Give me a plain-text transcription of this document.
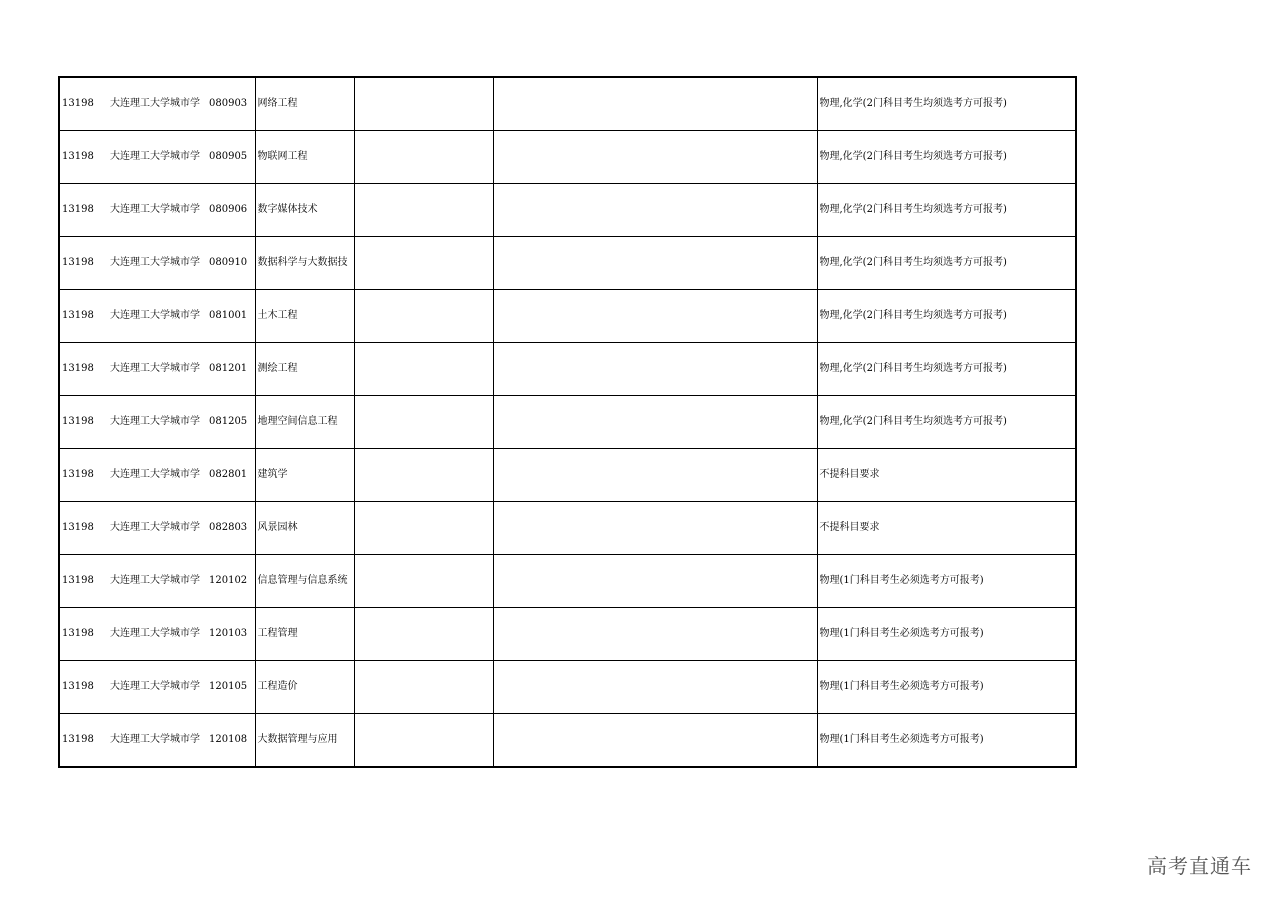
13198	大连理工大学城市学	080903	网络工程			物理,化学(2门科目考生均须选考方可报考)
13198	大连理工大学城市学	080905	物联网工程			物理,化学(2门科目考生均须选考方可报考)
13198	大连理工大学城市学	080906	数字媒体技术			物理,化学(2门科目考生均须选考方可报考)
13198	大连理工大学城市学	080910	数据科学与大数据技			物理,化学(2门科目考生均须选考方可报考)
13198	大连理工大学城市学	081001	土木工程			物理,化学(2门科目考生均须选考方可报考)
13198	大连理工大学城市学	081201	测绘工程			物理,化学(2门科目考生均须选考方可报考)
13198	大连理工大学城市学	081205	地理空间信息工程			物理,化学(2门科目考生均须选考方可报考)
13198	大连理工大学城市学	082801	建筑学			不提科目要求
13198	大连理工大学城市学	082803	风景园林			不提科目要求
13198	大连理工大学城市学	120102	信息管理与信息系统			物理(1门科目考生必须选考方可报考)
13198	大连理工大学城市学	120103	工程管理			物理(1门科目考生必须选考方可报考)
13198	大连理工大学城市学	120105	工程造价			物理(1门科目考生必须选考方可报考)
13198	大连理工大学城市学	120108	大数据管理与应用			物理(1门科目考生必须选考方可报考)
高考直通车
